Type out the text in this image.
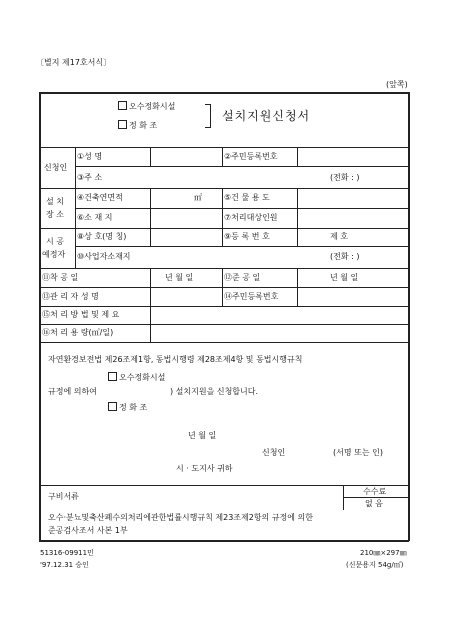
〔별지 제17호서식〕
(앞쪽)
오수정화시설
정 화 조
설치지원신청서
신청인
①성 명	②주민등록번호
③주 소	(전화 : )
설 치
장 소
④건축연면적	㎡	⑤건 물 용 도
⑥소 재 지	⑦처리대상인원
시 공
예정자
⑧상 호(명 칭)	⑨등 록 번 호	제 호
⑩사업자소재지	(전화 : )
⑪착 공 일	년 월 일	⑫준 공 일	년 월 일
⑬관 리 자 성 명	⑭주민등록번호
⑮처 리 방 법 및 제 요
⑯처 리 용 량(㎥/일)
자연환경보전법 제26조제1항, 동법시행령 제28조제4항 및 동법시행규칙
오수정화시설
규정에 의하여	) 설치지원을 신청합니다.
정 화 조
년 월 일
신청인	(서명 또는 인)
시 · 도지사 귀하
구비서류
수수료
없 음
오수·분뇨및축산폐수의처리에관한법률시행규칙 제23조제2항의 규정에 의한
준공검사조서 사본 1부
51316-09911민
'97.12.31 승인
210㎜×297㎜
(신문용지 54g/㎡)
